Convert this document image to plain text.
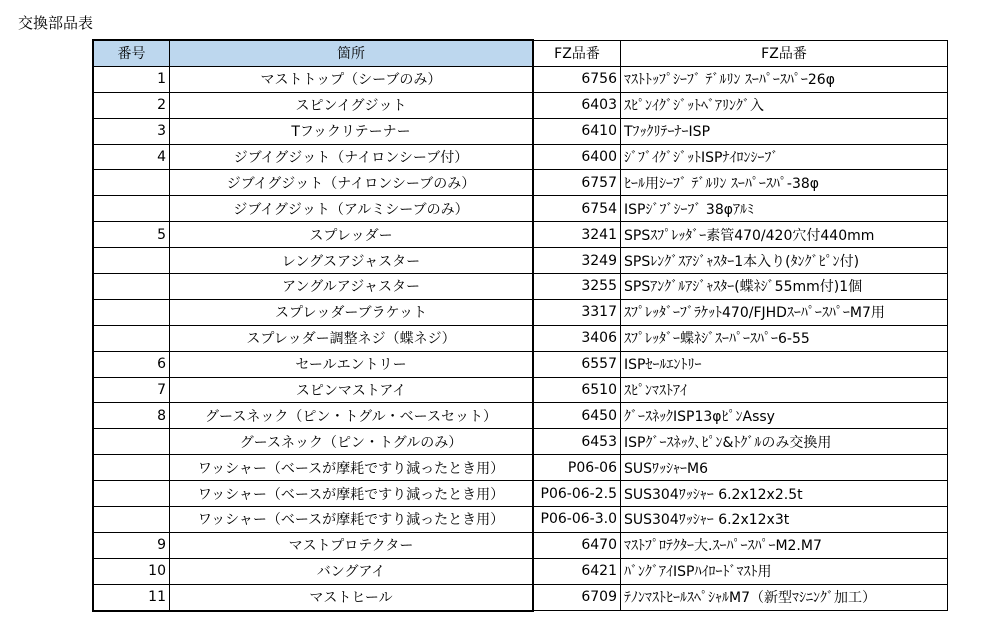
交換部品表
番号	箇所	FZ品番	FZ品番
1	マストトップ（シーブのみ）	6756	ﾏｽﾄﾄｯﾌﾟｼｰﾌﾞ ﾃﾞﾙﾘﾝ ｽｰﾊﾟｰｽﾊﾟｰ26φ
2	スピンイグジット	6403	ｽﾋﾟﾝｲｸﾞｼﾞｯﾄﾍﾞｱﾘﾝｸﾞ入
3	Tフックリテーナー	6410	TﾌｯｸﾘﾃｰﾅｰISP
4	ジブイグジット（ナイロンシーブ付）	6400	ｼﾞﾌﾞｲｸﾞｼﾞｯﾄISPﾅｲﾛﾝｼｰﾌﾞ
	ジブイグジット（ナイロンシーブのみ）	6757	ﾋｰﾙ用ｼｰﾌﾞ ﾃﾞﾙﾘﾝ ｽｰﾊﾟｰｽﾊﾟ-38φ
	ジブイグジット（アルミシーブのみ）	6754	ISPｼﾞﾌﾞｼｰﾌﾞ 38φｱﾙﾐ
5	スプレッダー	3241	SPSｽﾌﾟﾚｯﾀﾞｰ素管470/420穴付440mm
	レングスアジャスター	3249	SPSﾚﾝｸﾞｽｱｼﾞｬｽﾀｰ1本入り(ﾀﾝｸﾞﾋﾟﾝ付)
	アングルアジャスター	3255	SPSｱﾝｸﾞﾙｱｼﾞｬｽﾀｰ(蝶ﾈｼﾞ55mm付)1個
	スプレッダーブラケット	3317	ｽﾌﾟﾚｯﾀﾞｰﾌﾞﾗｹｯﾄ470/FJHDｽｰﾊﾟｰｽﾊﾟｰM7用
	スプレッダー調整ネジ（蝶ネジ）	3406	ｽﾌﾟﾚｯﾀﾞｰ蝶ﾈｼﾞｽｰﾊﾟｰｽﾊﾟｰ6-55
6	セールエントリー	6557	ISPｾｰﾙｴﾝﾄﾘｰ
7	スピンマストアイ	6510	ｽﾋﾟﾝﾏｽﾄｱｲ
8	グースネック（ピン・トグル・ベースセット）	6450	ｸﾞｰｽﾈｯｸISP13φﾋﾟﾝAssy
	グースネック（ピン・トグルのみ）	6453	ISPｸﾞｰｽﾈｯｸ､ﾋﾟﾝ&ﾄｸﾞﾙのみ交換用
	ワッシャー（ベースが摩耗ですり減ったとき用）	P06-06	SUSﾜｯｼｬｰM6
	ワッシャー（ベースが摩耗ですり減ったとき用）	P06-06-2.5	SUS304ﾜｯｼｬｰ 6.2x12x2.5t
	ワッシャー（ベースが摩耗ですり減ったとき用）	P06-06-3.0	SUS304ﾜｯｼｬｰ 6.2x12x3t
9	マストプロテクター	6470	ﾏｽﾄﾌﾟﾛﾃｸﾀｰ大.ｽｰﾊﾟｰｽﾊﾟｰM2.M7
10	バングアイ	6421	ﾊﾞﾝｸﾞｱｲISPﾊｲﾛｰﾄﾞﾏｽﾄ用
11	マストヒール	6709	ﾃﾉﾝﾏｽﾄﾋｰﾙｽﾍﾟｼｬﾙM7（新型ﾏｼﾆﾝｸﾞ加工）
